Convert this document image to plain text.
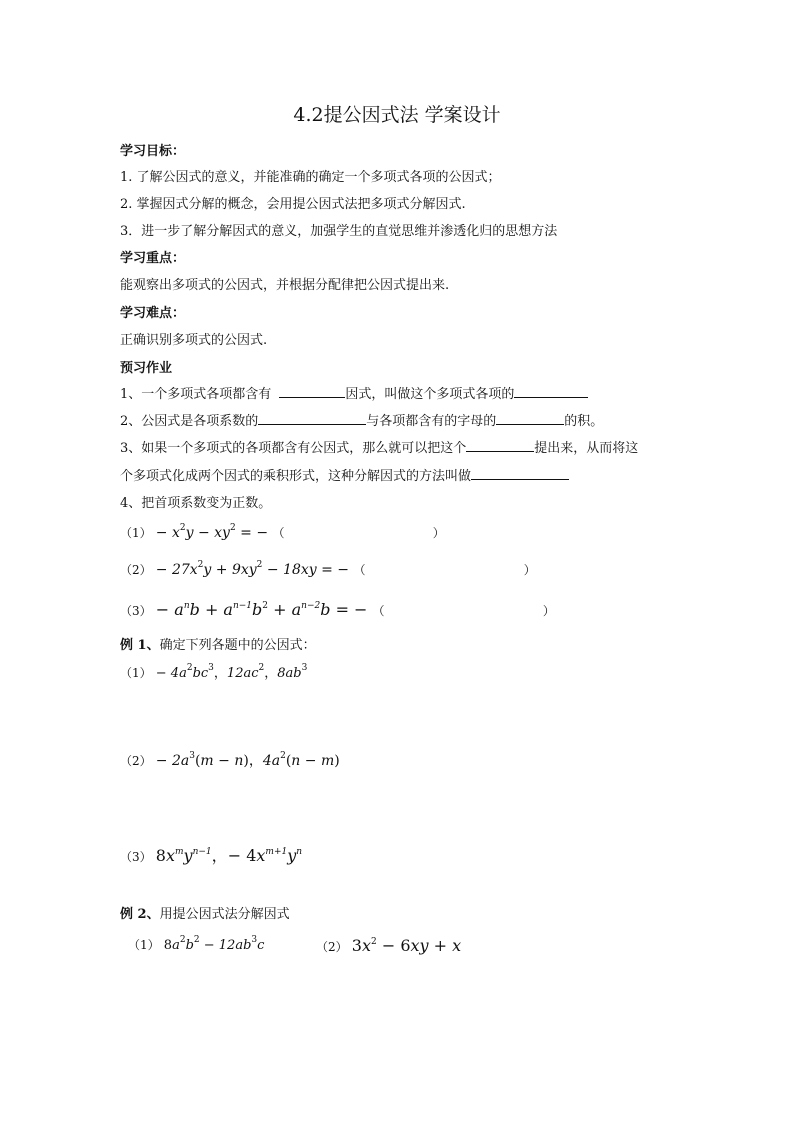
4.2提公因式法 学案设计
学习目标：
1. 了解公因式的意义，并能准确的确定一个多项式各项的公因式；
2. 掌握因式分解的概念，会用提公因式法把多项式分解因式.
3．进一步了解分解因式的意义，加强学生的直觉思维并渗透化归的思想方法
学习重点：
能观察出多项式的公因式，并根据分配律把公因式提出来.
学习难点：
正确识别多项式的公因式.
预习作业
1、一个多项式各项都含有	因式，叫做这个多项式各项的
2、公因式是各项系数的	与各项都含有的字母的	的积。
3、如果一个多项式的各项都含有公因式，那么就可以把这个	提出来，从而将这
个多项式化成两个因式的乘积形式，这种分解因式的方法叫做
4、把首项系数变为正数。
$(1) - x^2y - xy^2$ = − （	）
$(2) - 27x^2y + 9xy^2 - 18xy$ = − （	）
$(3) - a^nb + a^{n-1}b^2 + a^{n-2}b$ = − （	）
例 1、确定下列各题中的公因式：
$(1) - 4a^2bc^3$，$12ac^2$，$8ab^3$
$(2) - 2a^3(m - n)$，$4a^2(n - m)$
（3） $8x^my^{n-1}$，− $4x^{m+1}y^n$
例 2、用提公因式法分解因式
（1） $8a^2b^2 - 12ab^3c$	（2） $3x^2 - 6xy + x$
